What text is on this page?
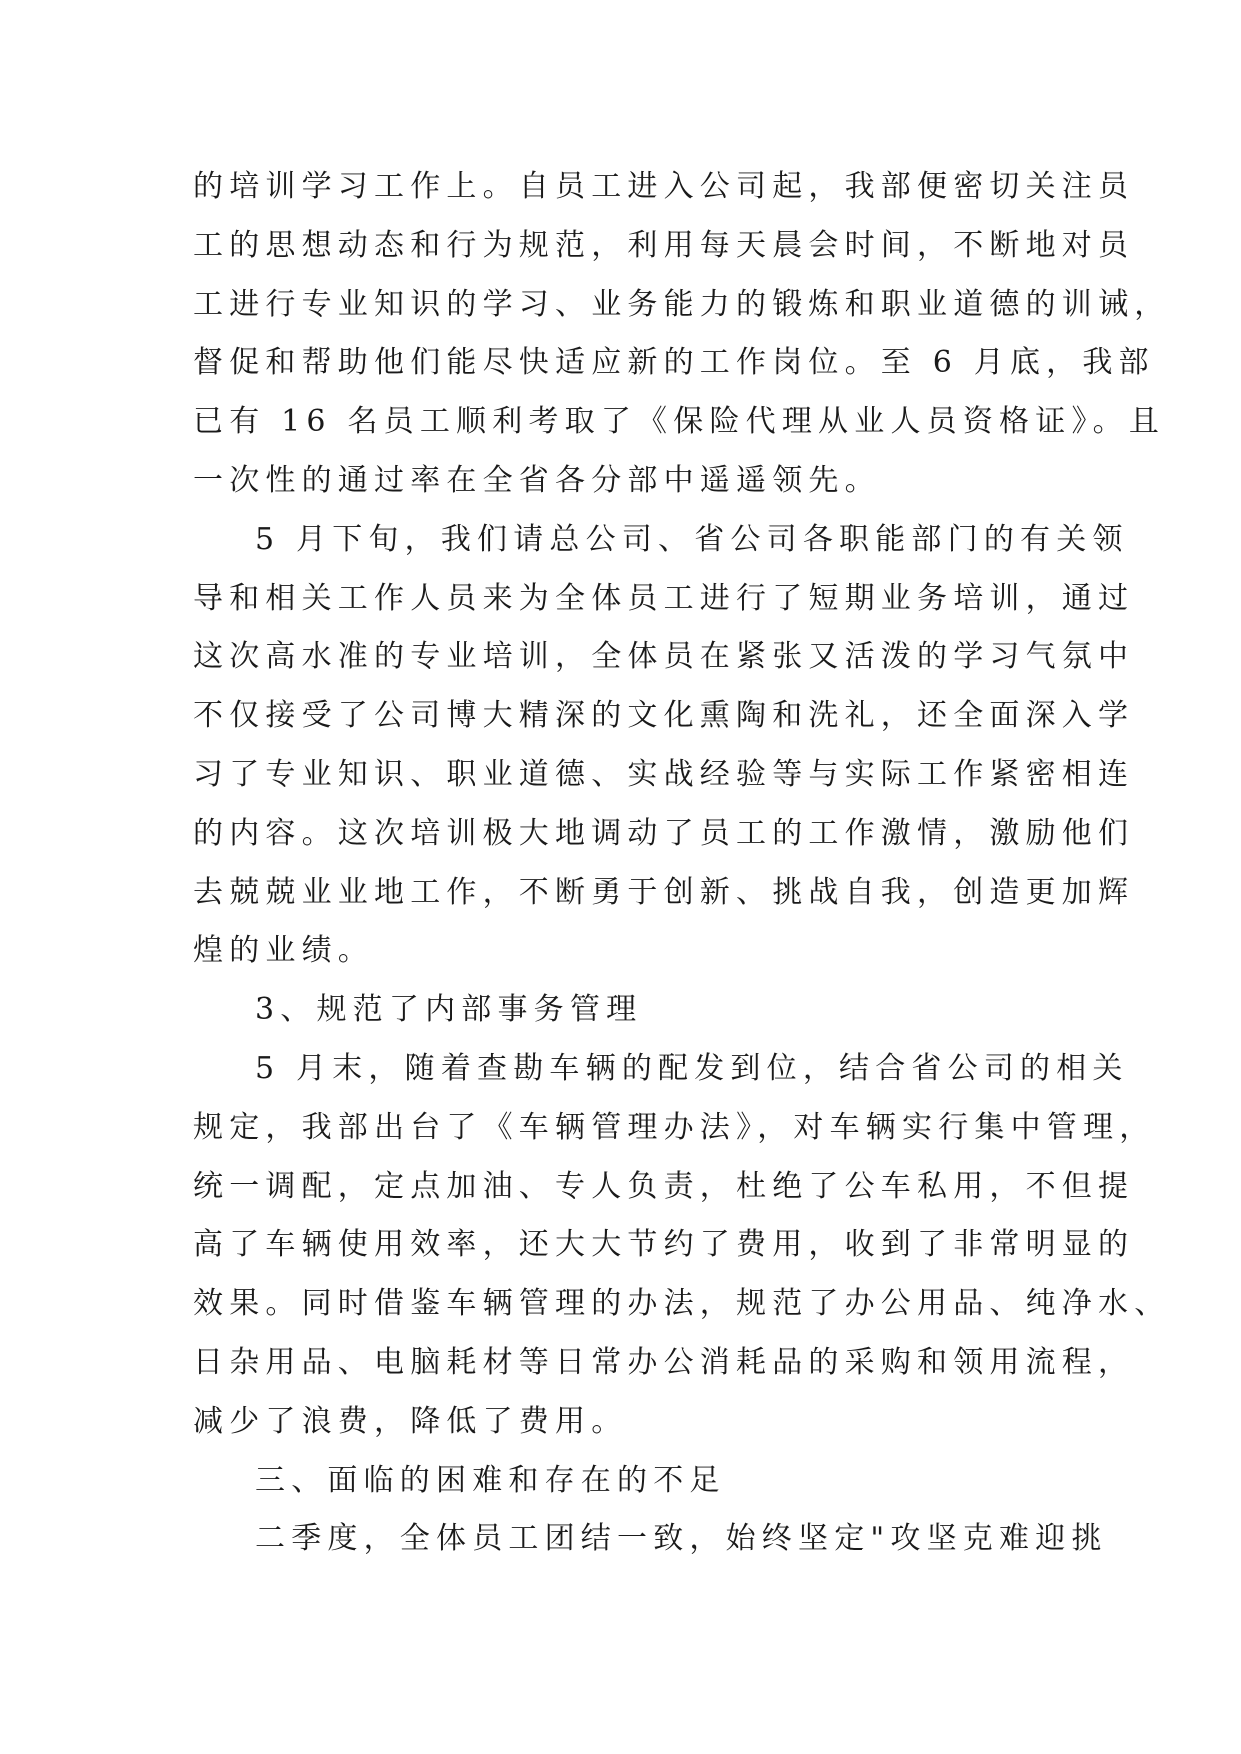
的培训学习工作上。自员工进入公司起，我部便密切关注员
工的思想动态和行为规范，利用每天晨会时间，不断地对员
工进行专业知识的学习、业务能力的锻炼和职业道德的训诫，
督促和帮助他们能尽快适应新的工作岗位。至 6 月底，我部
已有 16 名员工顺利考取了《保险代理从业人员资格证》。且
一次性的通过率在全省各分部中遥遥领先。
5 月下旬，我们请总公司、省公司各职能部门的有关领
导和相关工作人员来为全体员工进行了短期业务培训，通过
这次高水准的专业培训，全体员在紧张又活泼的学习气氛中
不仅接受了公司博大精深的文化熏陶和洗礼，还全面深入学
习了专业知识、职业道德、实战经验等与实际工作紧密相连
的内容。这次培训极大地调动了员工的工作激情，激励他们
去兢兢业业地工作，不断勇于创新、挑战自我，创造更加辉
煌的业绩。
3、规范了内部事务管理
5 月末，随着查勘车辆的配发到位，结合省公司的相关
规定，我部出台了《车辆管理办法》，对车辆实行集中管理，
统一调配，定点加油、专人负责，杜绝了公车私用，不但提
高了车辆使用效率，还大大节约了费用，收到了非常明显的
效果。同时借鉴车辆管理的办法，规范了办公用品、纯净水、
日杂用品、电脑耗材等日常办公消耗品的采购和领用流程，
减少了浪费，降低了费用。
三、面临的困难和存在的不足
二季度，全体员工团结一致，始终坚定"攻坚克难迎挑
